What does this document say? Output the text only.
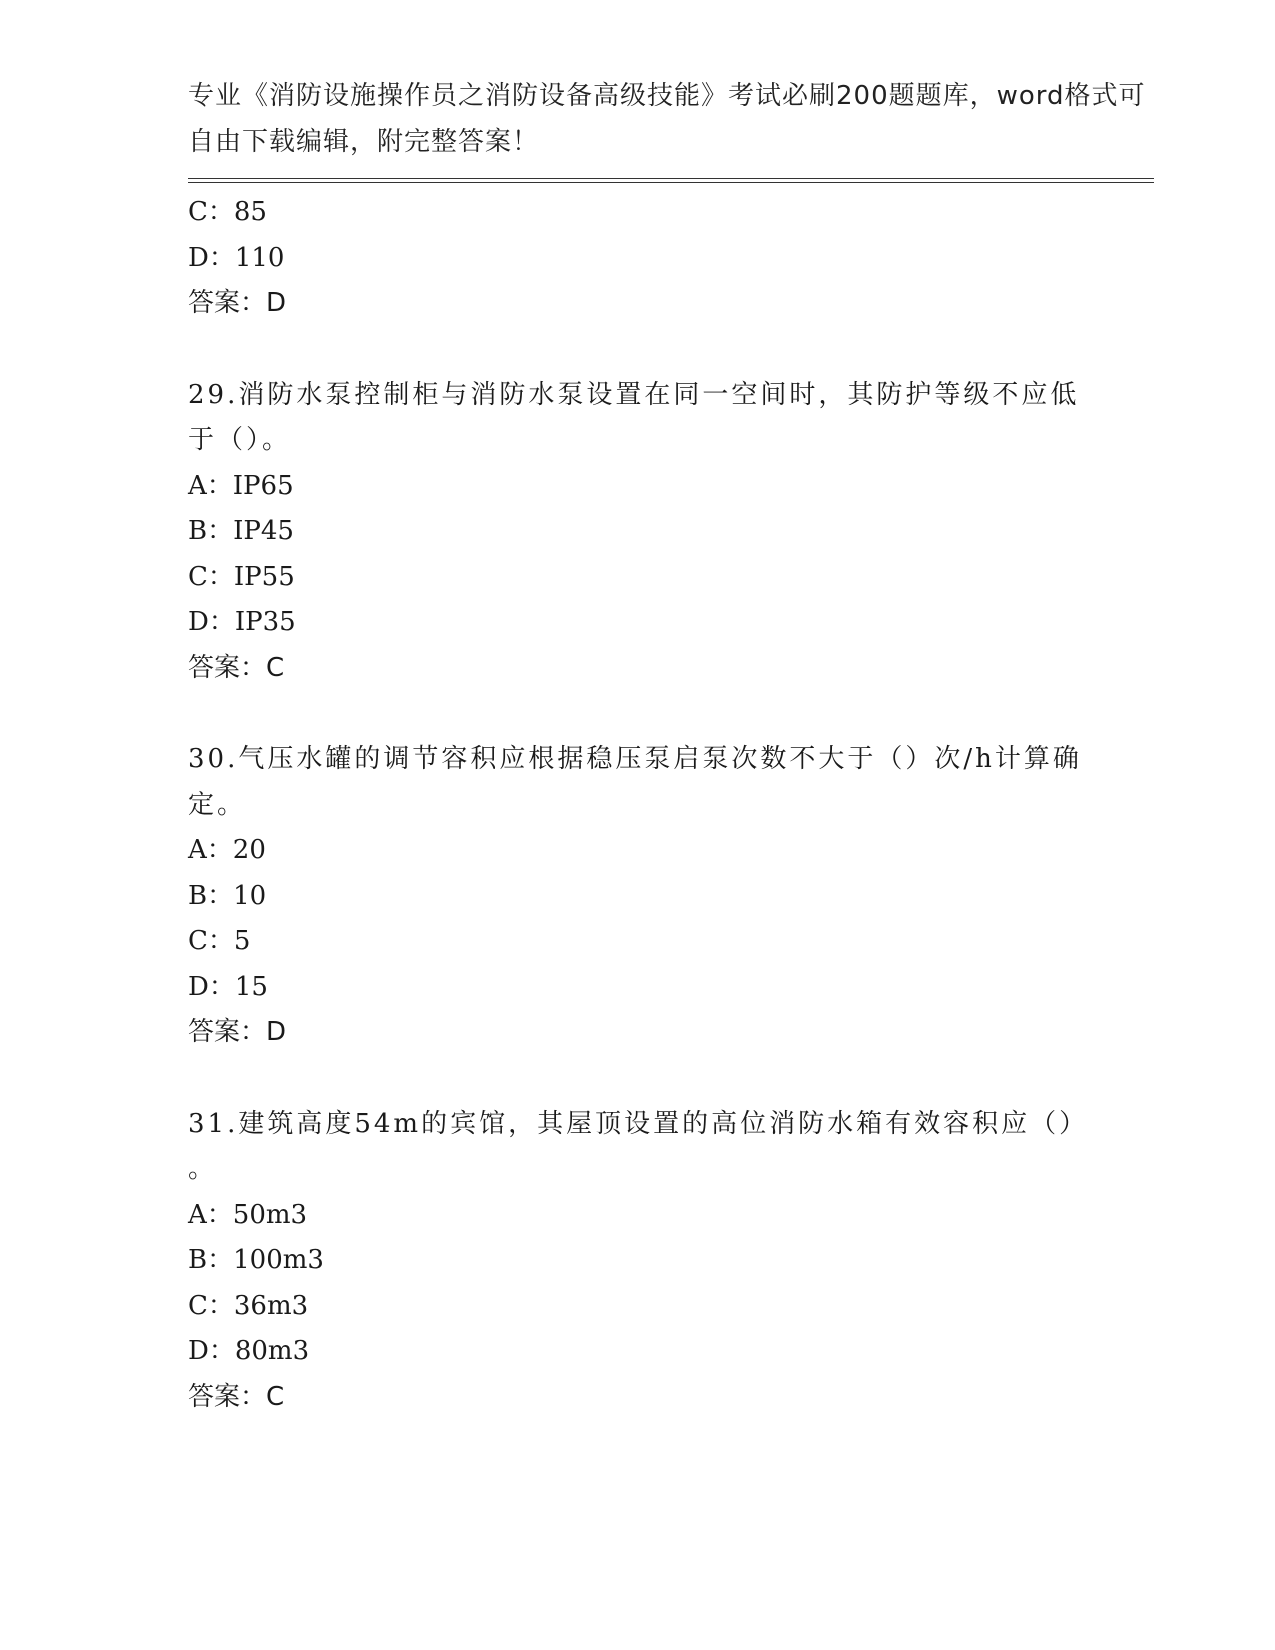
专业《消防设施操作员之消防设备高级技能》考试必刷200题题库，word格式可
自由下载编辑，附完整答案！
C：85
D：110
答案：D
29.消防水泵控制柜与消防水泵设置在同一空间时，其防护等级不应低
于（）。
A：IP65
B：IP45
C：IP55
D：IP35
答案：C
30.气压水罐的调节容积应根据稳压泵启泵次数不大于（）次/h计算确
定。
A：20
B：10
C：5
D：15
答案：D
31.建筑高度54m的宾馆，其屋顶设置的高位消防水箱有效容积应（）
。
A：50m3
B：100m3
C：36m3
D：80m3
答案：C
